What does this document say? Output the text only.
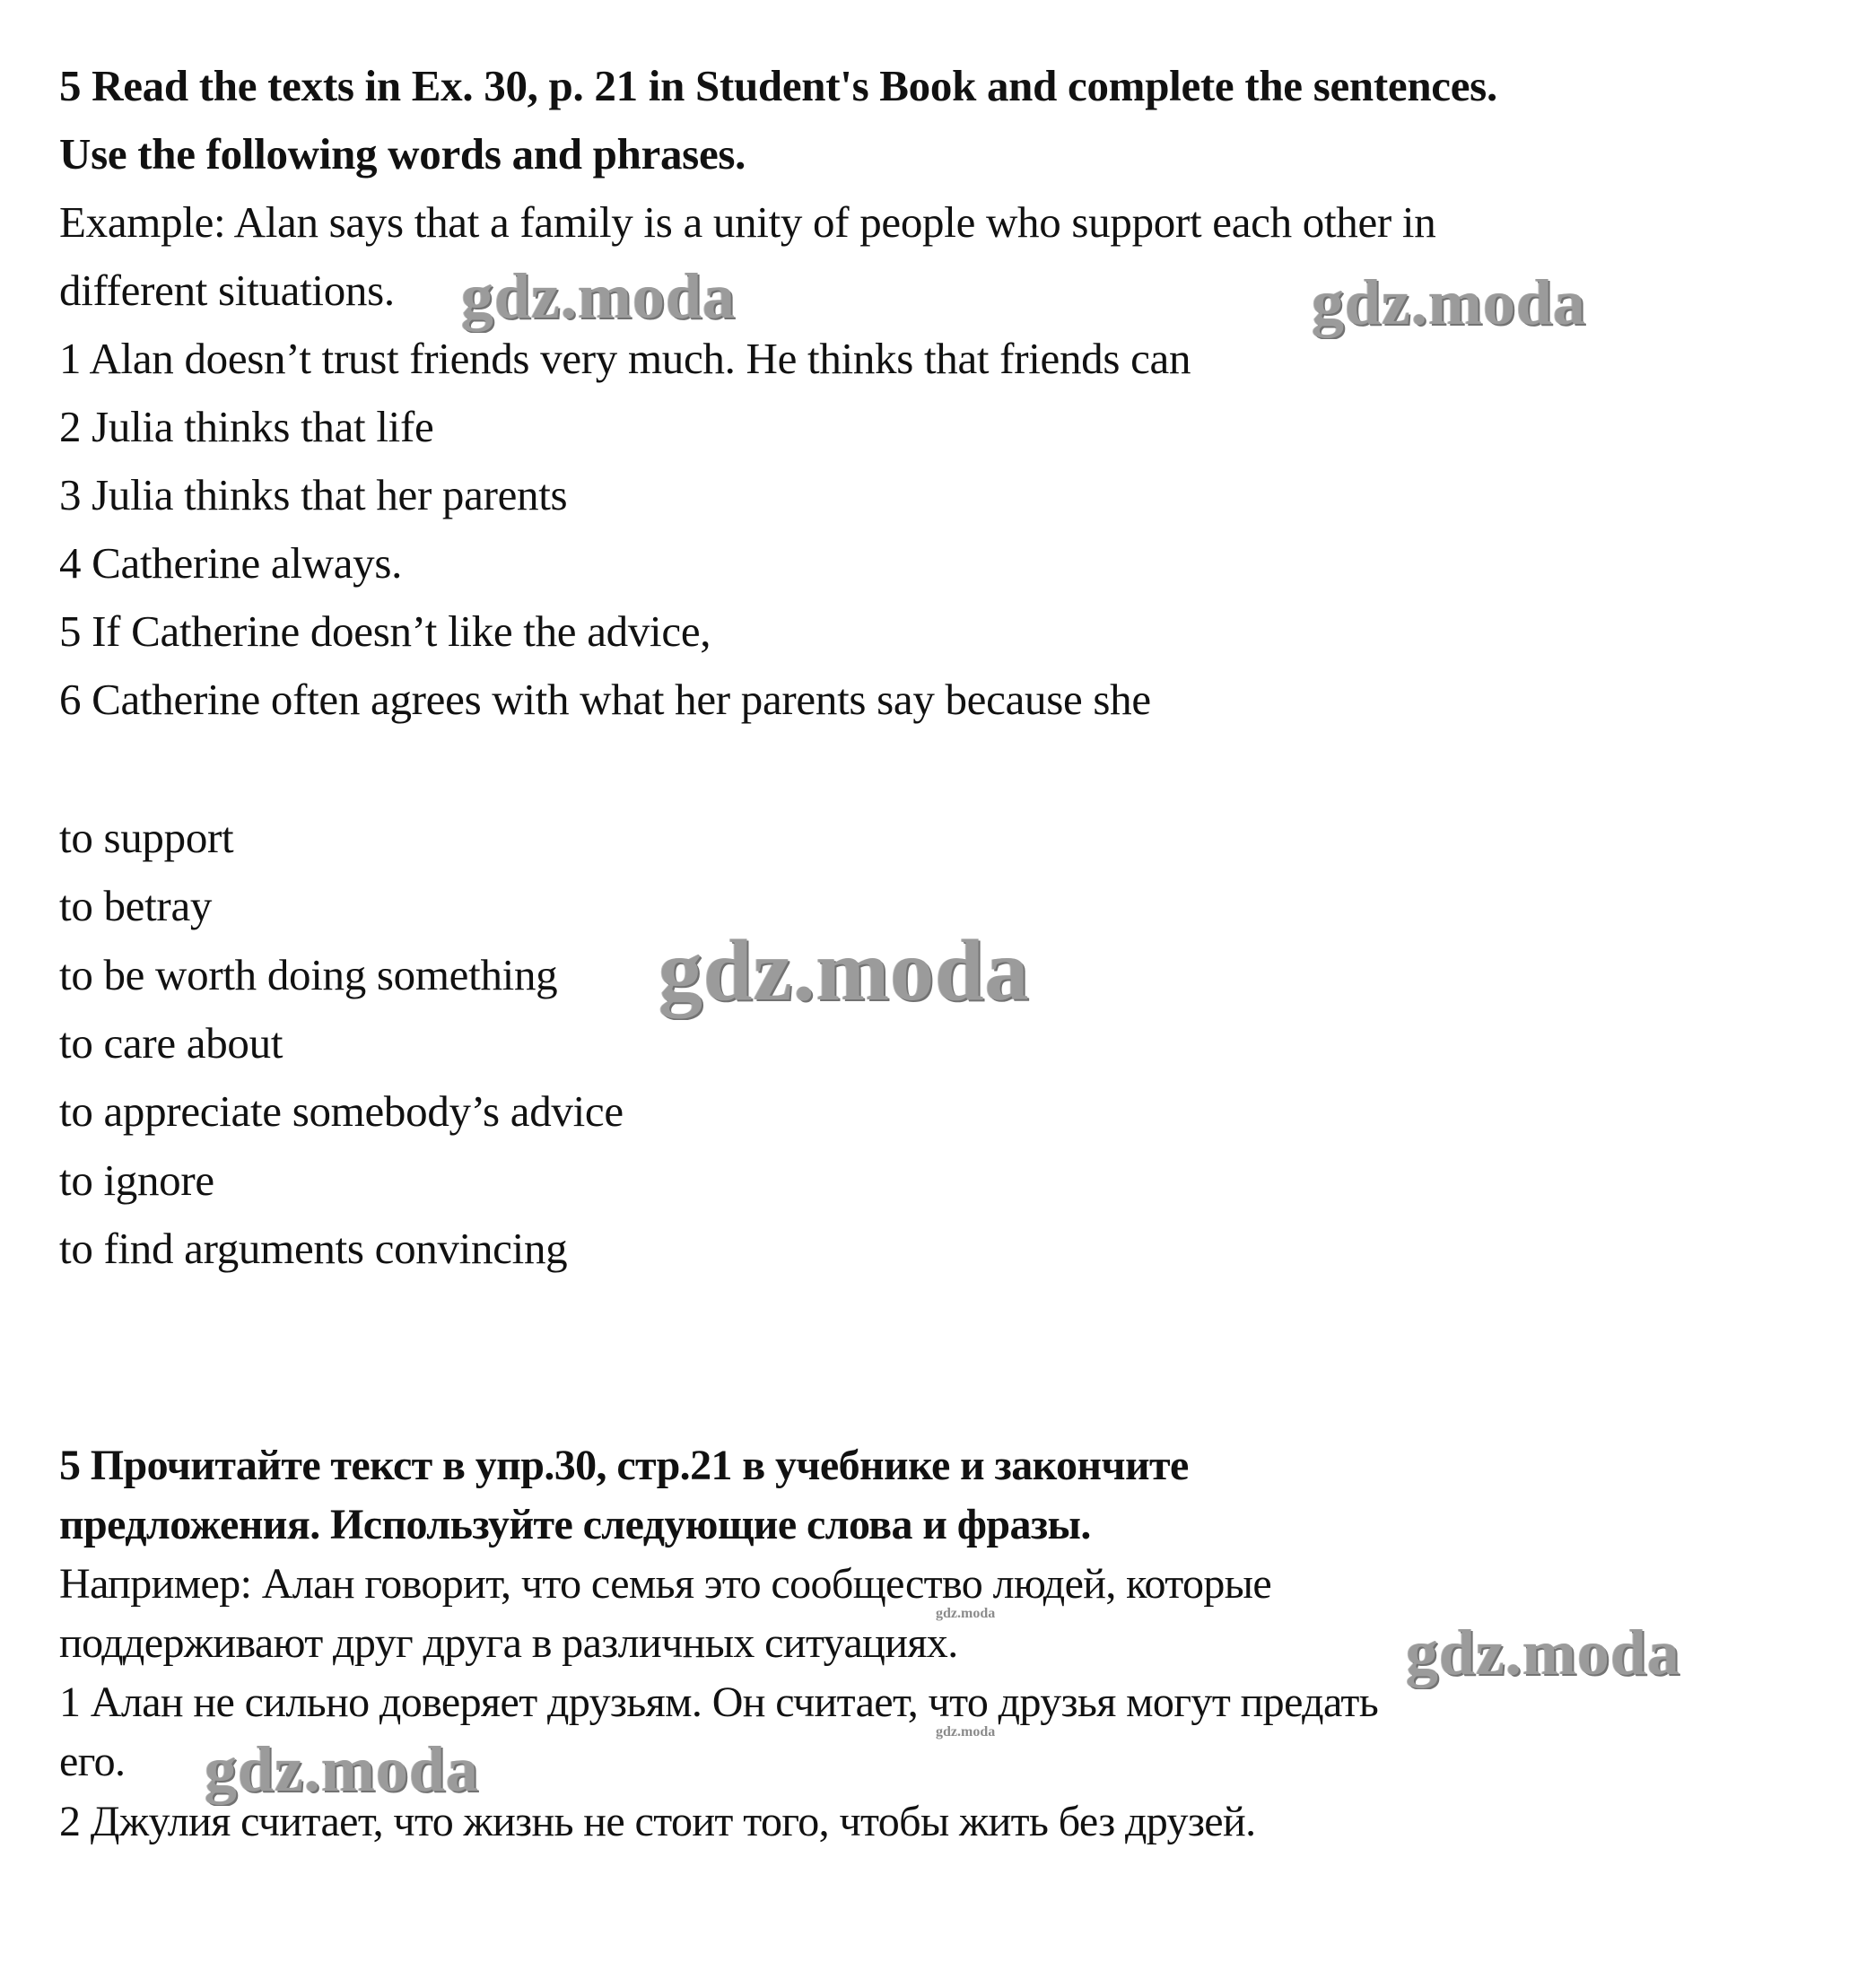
5 Read the texts in Ex. 30, p. 21 in Student's Book and complete the sentences.
Use the following words and phrases.
Example: Alan says that a family is a unity of people who support each other in
different situations.
1 Alan doesn’t trust friends very much. He thinks that friends can
2 Julia thinks that life
3 Julia thinks that her parents
4 Catherine always.
5 If Catherine doesn’t like the advice,
6 Catherine often agrees with what her parents say because she
to support
to betray
to be worth doing something
to care about
to appreciate somebody’s advice
to ignore
to find arguments convincing
5 Прочитайте текст в упр.30, стр.21 в учебнике и закончите
предложения. Используйте следующие слова и фразы.
Например: Алан говорит, что семья это сообщество людей, которые
поддерживают друг друга в различных ситуациях.
1 Алан не сильно доверяет друзьям. Он считает, что друзья могут предать
его.
2 Джулия считает, что жизнь не стоит того, чтобы жить без друзей.
gdz.moda	gdz.moda
gdz.moda
gdz.moda
gdz.moda
gdz.moda
gdz.moda
